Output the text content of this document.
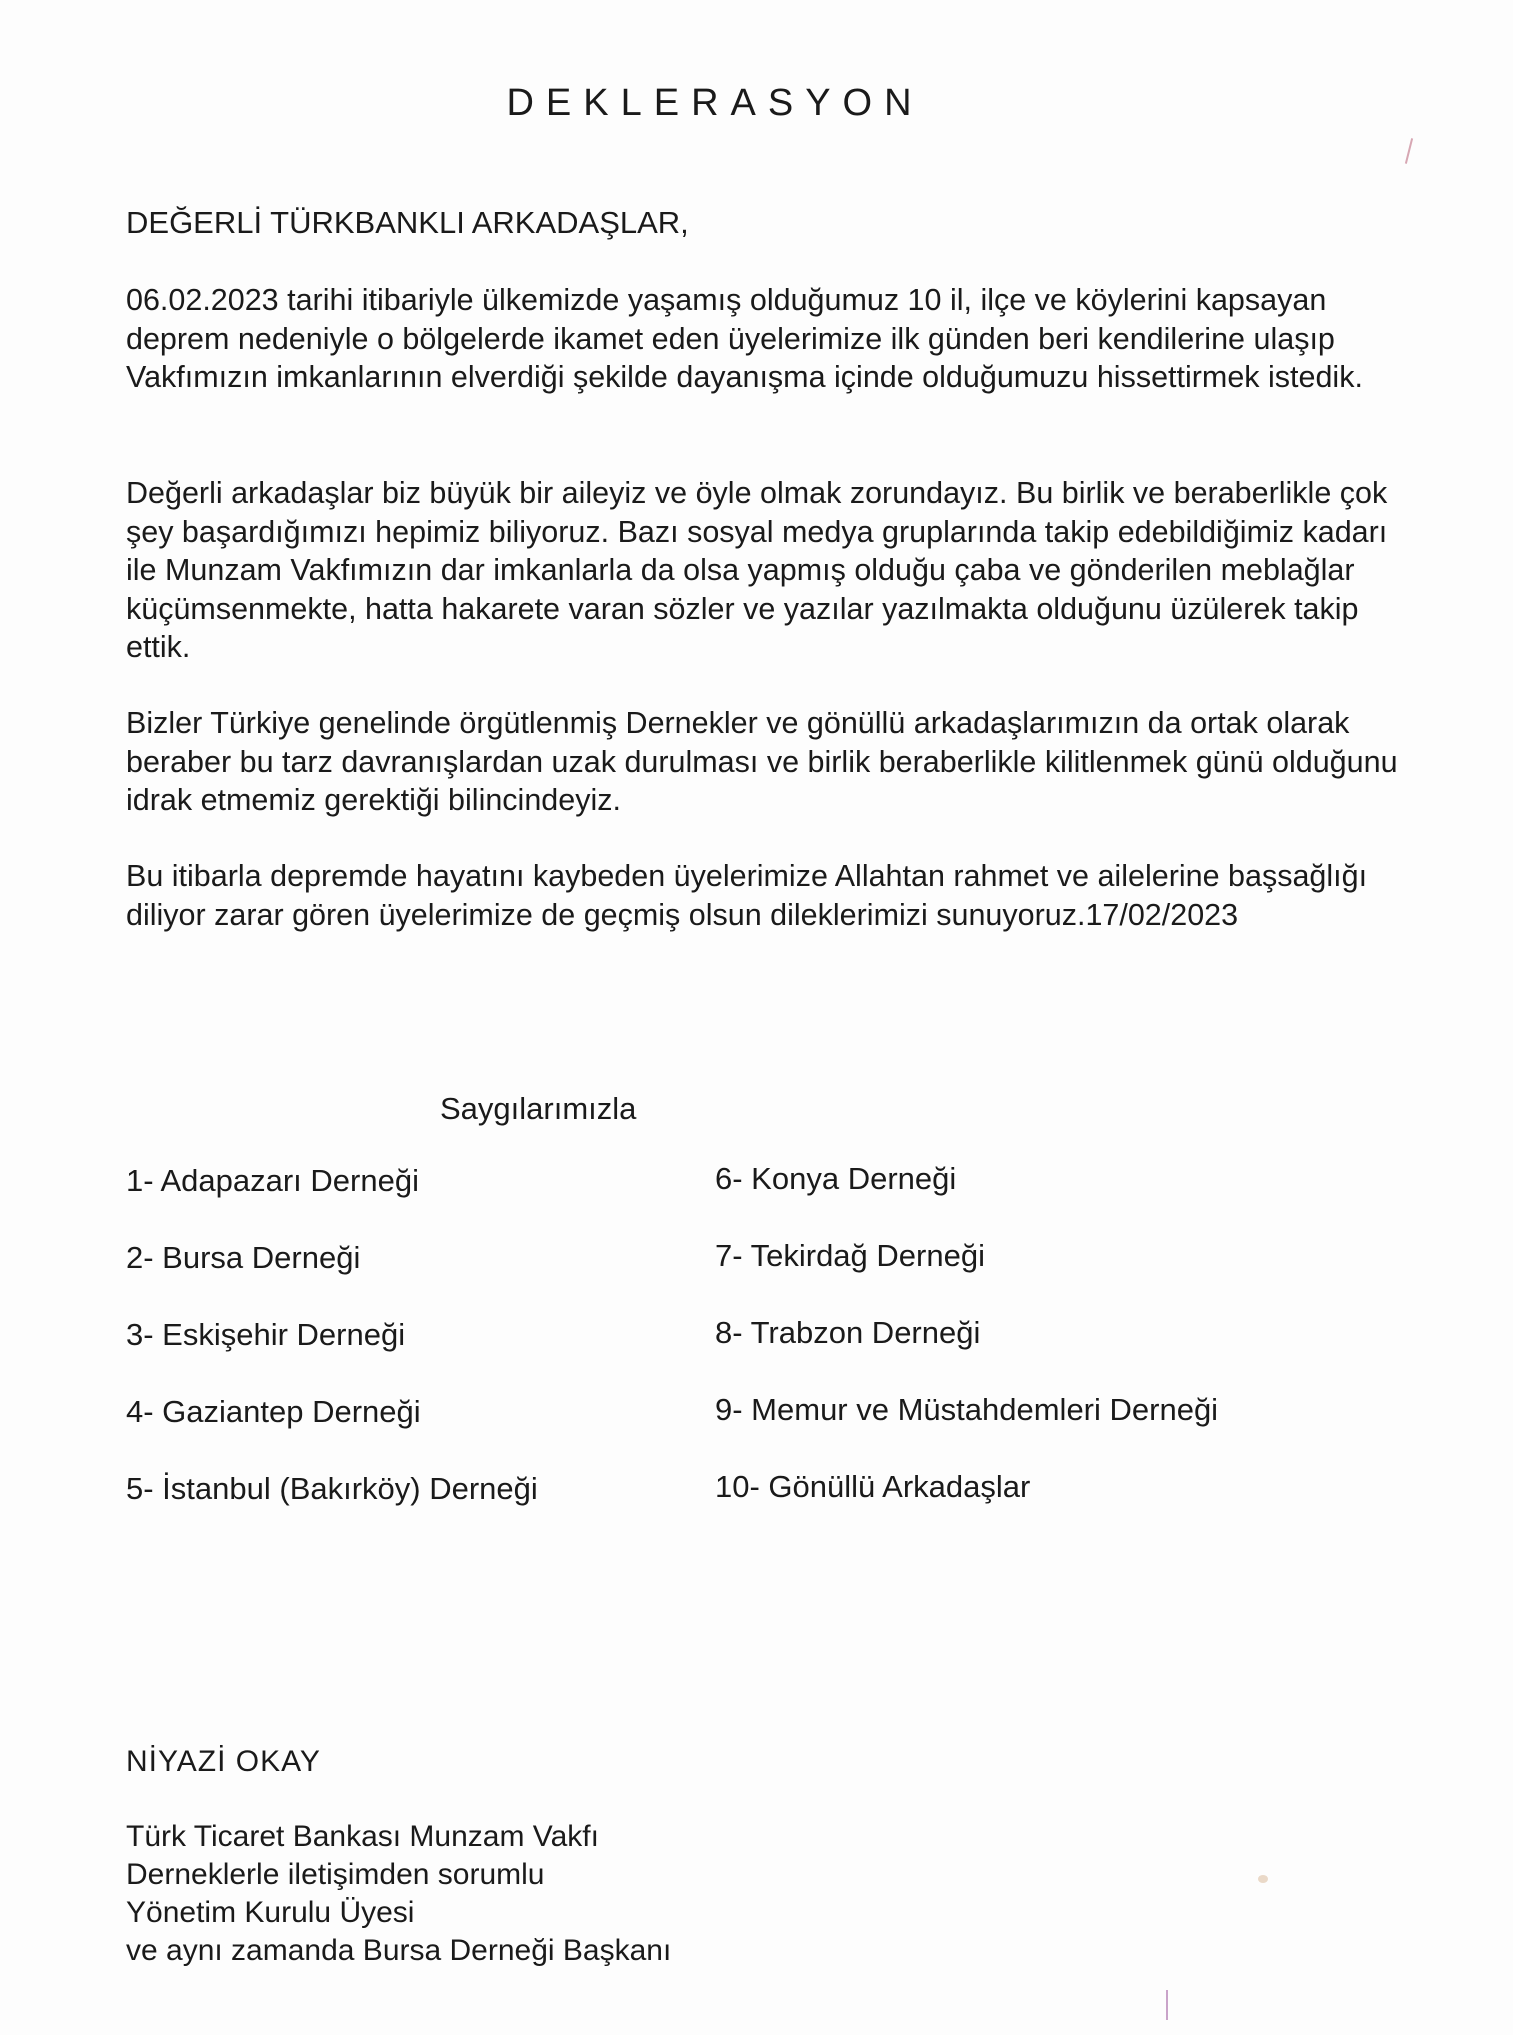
DEKLERASYON

DEĞERLİ TÜRKBANKLI ARKADAŞLAR,

06.02.2023 tarihi itibariyle ülkemizde yaşamış olduğumuz 10 il, ilçe ve köylerini kapsayan deprem nedeniyle o bölgelerde ikamet eden üyelerimize ilk günden beri kendilerine ulaşıp Vakfımızın imkanlarının elverdiği şekilde dayanışma içinde olduğumuzu hissettirmek istedik.

Değerli arkadaşlar biz büyük bir aileyiz ve öyle olmak zorundayız. Bu birlik ve beraberlikle çok şey başardığımızı hepimiz biliyoruz. Bazı sosyal medya gruplarında takip edebildiğimiz kadarı ile Munzam Vakfımızın dar imkanlarla da olsa yapmış olduğu çaba ve gönderilen meblağlar küçümsenmekte, hatta hakarete varan sözler ve yazılar yazılmakta olduğunu üzülerek takip ettik.

Bizler Türkiye genelinde örgütlenmiş Dernekler ve gönüllü arkadaşlarımızın da ortak olarak beraber bu tarz davranışlardan uzak durulması ve birlik beraberlikle kilitlenmek günü olduğunu idrak etmemiz gerektiği bilincindeyiz.

Bu itibarla depremde hayatını kaybeden üyelerimize Allahtan rahmet ve ailelerine başsağlığı diliyor zarar gören üyelerimize de geçmiş olsun dileklerimizi sunuyoruz.17/02/2023

Saygılarımızla

1- Adapazarı Derneği
2- Bursa Derneği
3- Eskişehir Derneği
4- Gaziantep Derneği
5- İstanbul (Bakırköy) Derneği
6- Konya Derneği
7- Tekirdağ Derneği
8- Trabzon Derneği
9- Memur ve Müstahdemleri Derneği
10- Gönüllü Arkadaşlar

NİYAZİ OKAY

Türk Ticaret Bankası Munzam Vakfı
Derneklerle iletişimden sorumlu
Yönetim Kurulu Üyesi
ve aynı zamanda Bursa Derneği Başkanı
